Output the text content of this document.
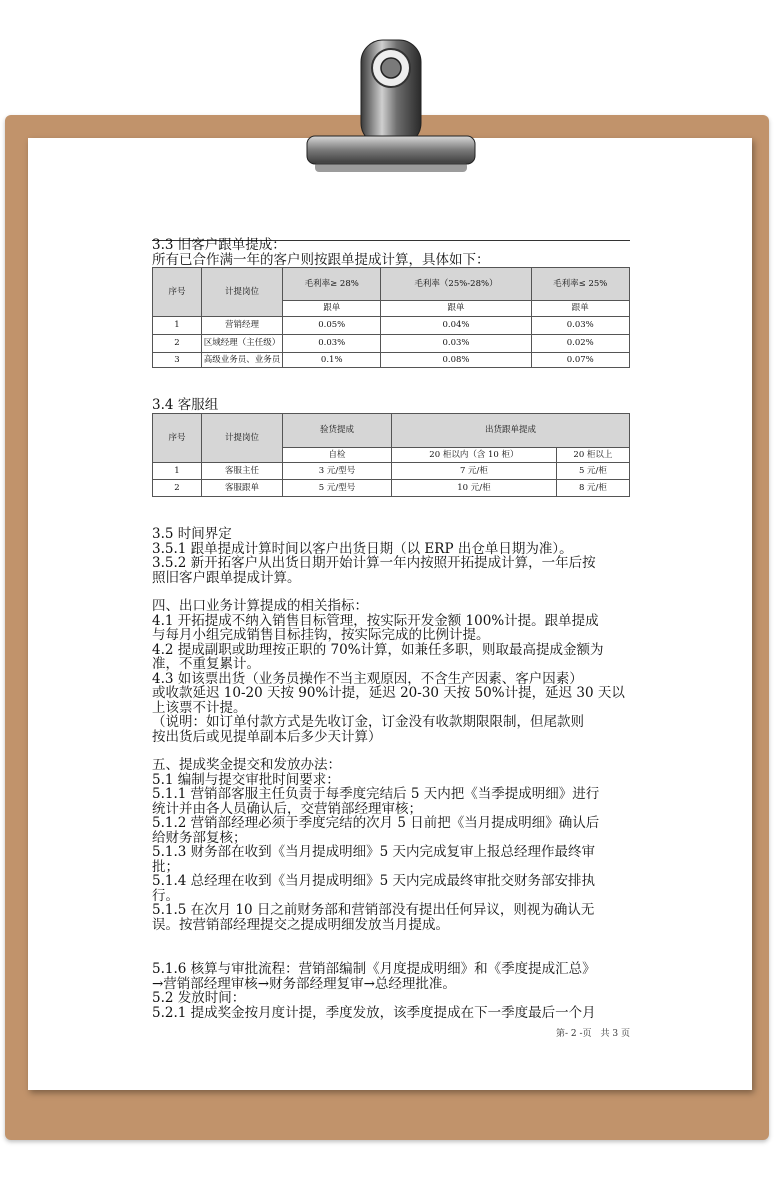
3.3 旧客户跟单提成：
所有已合作满一年的客户则按跟单提成计算，具体如下：
序号	计提岗位	毛利率≥ 28%	毛利率（25%-28%）	毛利率≤ 25%
		跟单	跟单	跟单
1	营销经理	0.05%	0.04%	0.03%
2	区域经理（主任级）	0.03%	0.03%	0.02%
3	高级业务员、业务员	0.1%	0.08%	0.07%
3.4 客服组
序号	计提岗位	验货提成	出货跟单提成	
		自检	20 柜以内（含 10 柜）	20 柜以上
1	客服主任	3 元/型号	7 元/柜	5 元/柜
2	客服跟单	5 元/型号	10 元/柜	8 元/柜
3.5 时间界定
3.5.1 跟单提成计算时间以客户出货日期（以 ERP 出仓单日期为准）。
3.5.2 新开拓客户从出货日期开始计算一年内按照开拓提成计算，一年后按
照旧客户跟单提成计算。
四、出口业务计算提成的相关指标：
4.1 开拓提成不纳入销售目标管理，按实际开发金额 100%计提。跟单提成
与每月小组完成销售目标挂钩，按实际完成的比例计提。
4.2 提成副职或助理按正职的 70%计算，如兼任多职，则取最高提成金额为
准，不重复累计。
4.3 如该票出货（业务员操作不当主观原因，不含生产因素、客户因素）
或收款延迟 10-20 天按 90%计提，延迟 20-30 天按 50%计提，延迟 30 天以
上该票不计提。
（说明：如订单付款方式是先收订金，订金没有收款期限限制，但尾款则
按出货后或见提单副本后多少天计算）
五、提成奖金提交和发放办法：
5.1 编制与提交审批时间要求：
5.1.1 营销部客服主任负责于每季度完结后 5 天内把《当季提成明细》进行
统计并由各人员确认后，交营销部经理审核；
5.1.2 营销部经理必须于季度完结的次月 5 日前把《当月提成明细》确认后
给财务部复核；
5.1.3 财务部在收到《当月提成明细》5 天内完成复审上报总经理作最终审
批；
5.1.4 总经理在收到《当月提成明细》5 天内完成最终审批交财务部安排执
行。
5.1.5 在次月 10 日之前财务部和营销部没有提出任何异议，则视为确认无
误。按营销部经理提交之提成明细发放当月提成。
5.1.6 核算与审批流程：营销部编制《月度提成明细》和《季度提成汇总》
→营销部经理审核→财务部经理复审→总经理批准。
5.2 发放时间：
5.2.1 提成奖金按月度计提，季度发放，该季度提成在下一季度最后一个月
第- 2 -页　共 3 页
